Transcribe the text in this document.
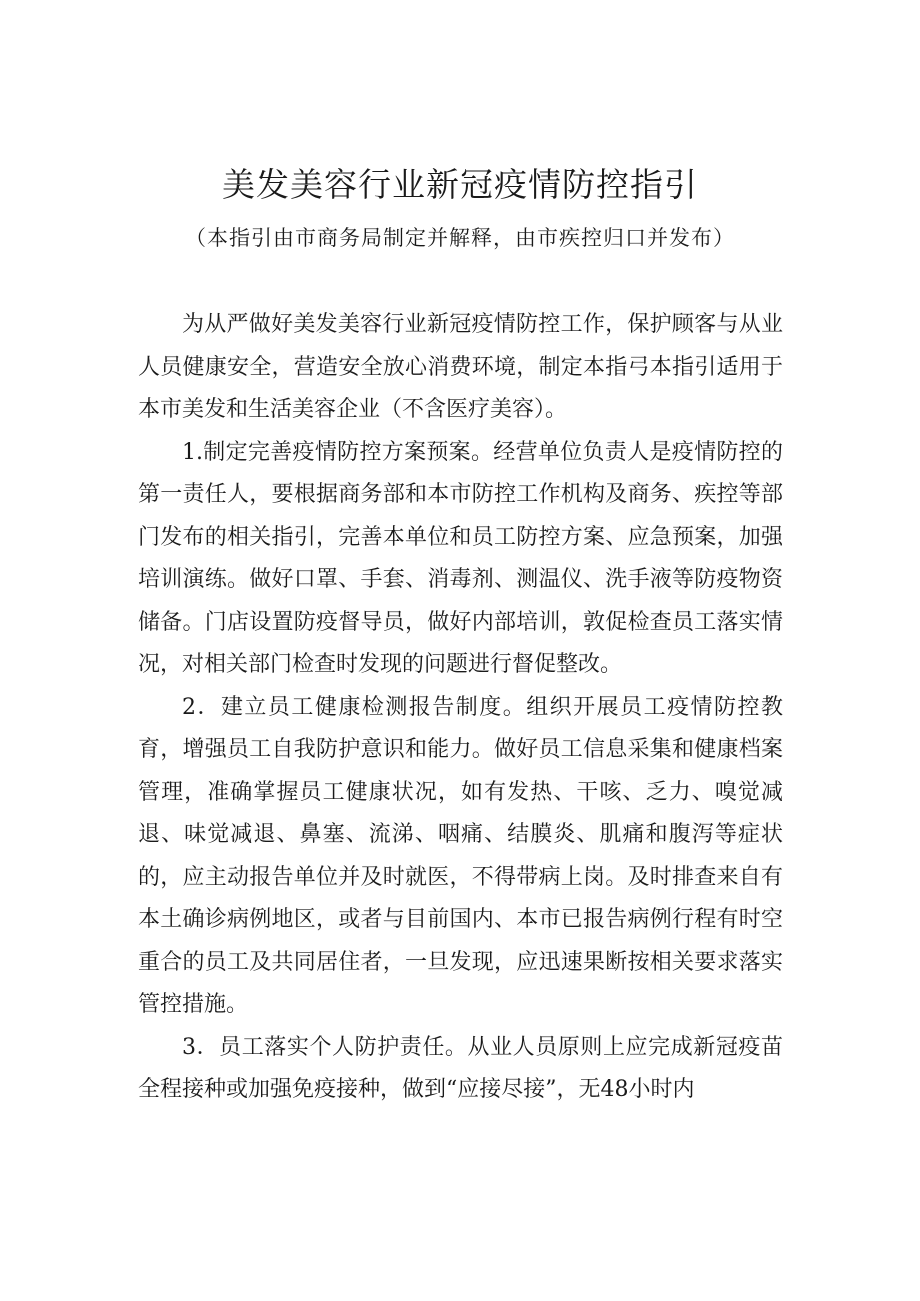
美发美容行业新冠疫情防控指引

（本指引由市商务局制定并解释，由市疾控归口并发布）

为从严做好美发美容行业新冠疫情防控工作，保护顾客与从业人员健康安全，营造安全放心消费环境，制定本指弓本指引适用于本市美发和生活美容企业（不含医疗美容）。

1.制定完善疫情防控方案预案。经营单位负责人是疫情防控的第一责任人，要根据商务部和本市防控工作机构及商务、疾控等部门发布的相关指引，完善本单位和员工防控方案、应急预案，加强培训演练。做好口罩、手套、消毒剂、测温仪、洗手液等防疫物资储备。门店设置防疫督导员，做好内部培训，敦促检查员工落实情况，对相关部门检查时发现的问题进行督促整改。

2．建立员工健康检测报告制度。组织开展员工疫情防控教育，增强员工自我防护意识和能力。做好员工信息采集和健康档案管理，准确掌握员工健康状况，如有发热、干咳、乏力、嗅觉减退、味觉减退、鼻塞、流涕、咽痛、结膜炎、肌痛和腹泻等症状的，应主动报告单位并及时就医，不得带病上岗。及时排查来自有本土确诊病例地区，或者与目前国内、本市已报告病例行程有时空重合的员工及共同居住者，一旦发现，应迅速果断按相关要求落实管控措施。

3．员工落实个人防护责任。从业人员原则上应完成新冠疫苗全程接种或加强免疫接种，做到“应接尽接”，无48小时内
